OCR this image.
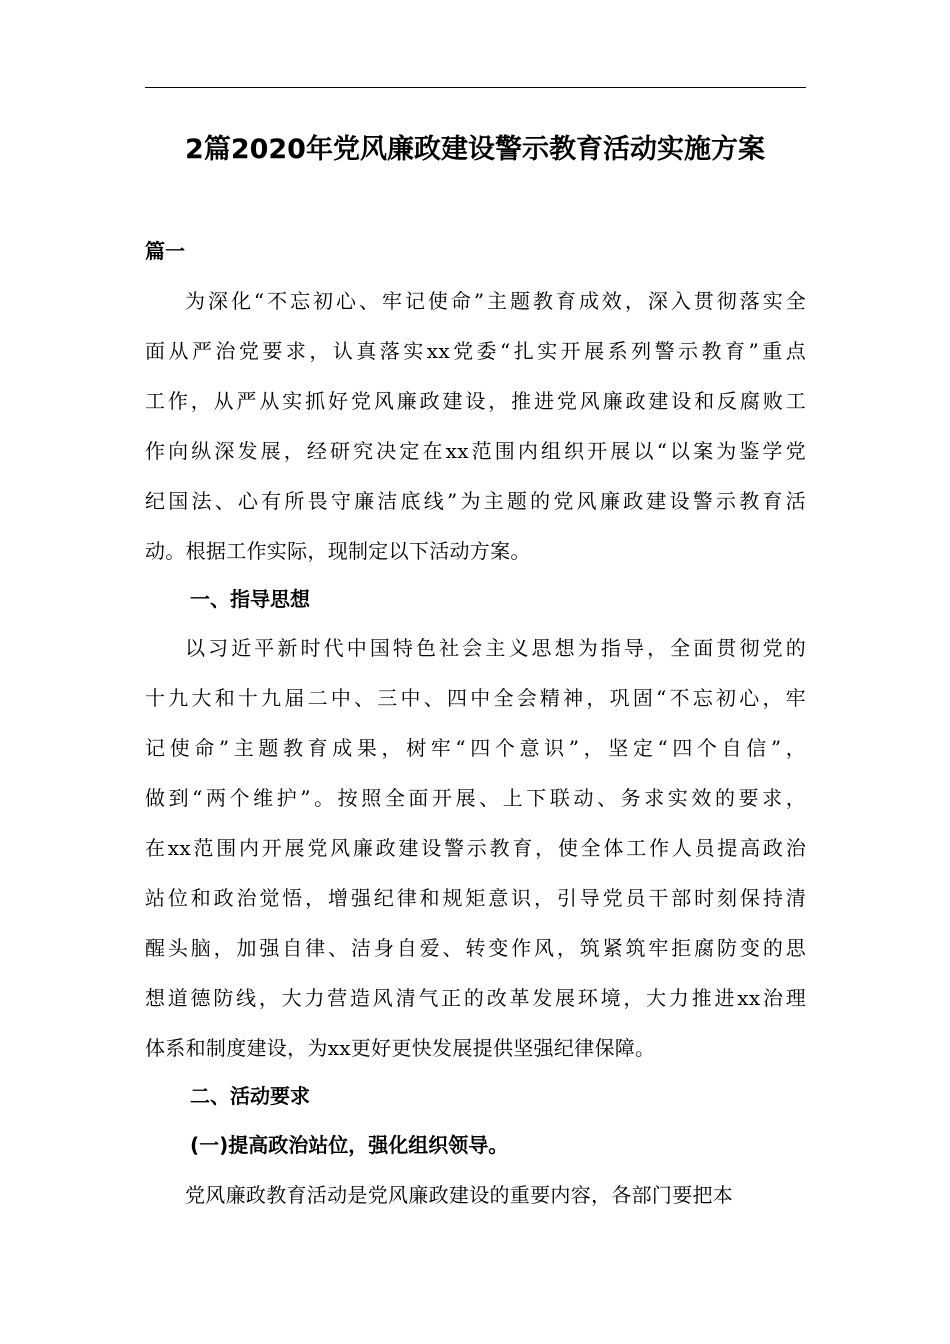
2篇2020年党风廉政建设警示教育活动实施方案
篇一
为深化“不忘初心、牢记使命”主题教育成效，深入贯彻落实全
面从严治党要求，认真落实xx党委“扎实开展系列警示教育”重点
工作，从严从实抓好党风廉政建设，推进党风廉政建设和反腐败工
作向纵深发展，经研究决定在xx范围内组织开展以“以案为鉴学党
纪国法、心有所畏守廉洁底线”为主题的党风廉政建设警示教育活
动。根据工作实际，现制定以下活动方案。
一、指导思想
以习近平新时代中国特色社会主义思想为指导，全面贯彻党的
十九大和十九届二中、三中、四中全会精神，巩固“不忘初心，牢
记使命”主题教育成果，树牢“四个意识”，坚定“四个自信”，
做到“两个维护”。按照全面开展、上下联动、务求实效的要求，
在xx范围内开展党风廉政建设警示教育，使全体工作人员提高政治
站位和政治觉悟，增强纪律和规矩意识，引导党员干部时刻保持清
醒头脑，加强自律、洁身自爱、转变作风，筑紧筑牢拒腐防变的思
想道德防线，大力营造风清气正的改革发展环境，大力推进xx治理
体系和制度建设，为xx更好更快发展提供坚强纪律保障。
二、活动要求
(一)提高政治站位，强化组织领导。
党风廉政教育活动是党风廉政建设的重要内容，各部门要把本
